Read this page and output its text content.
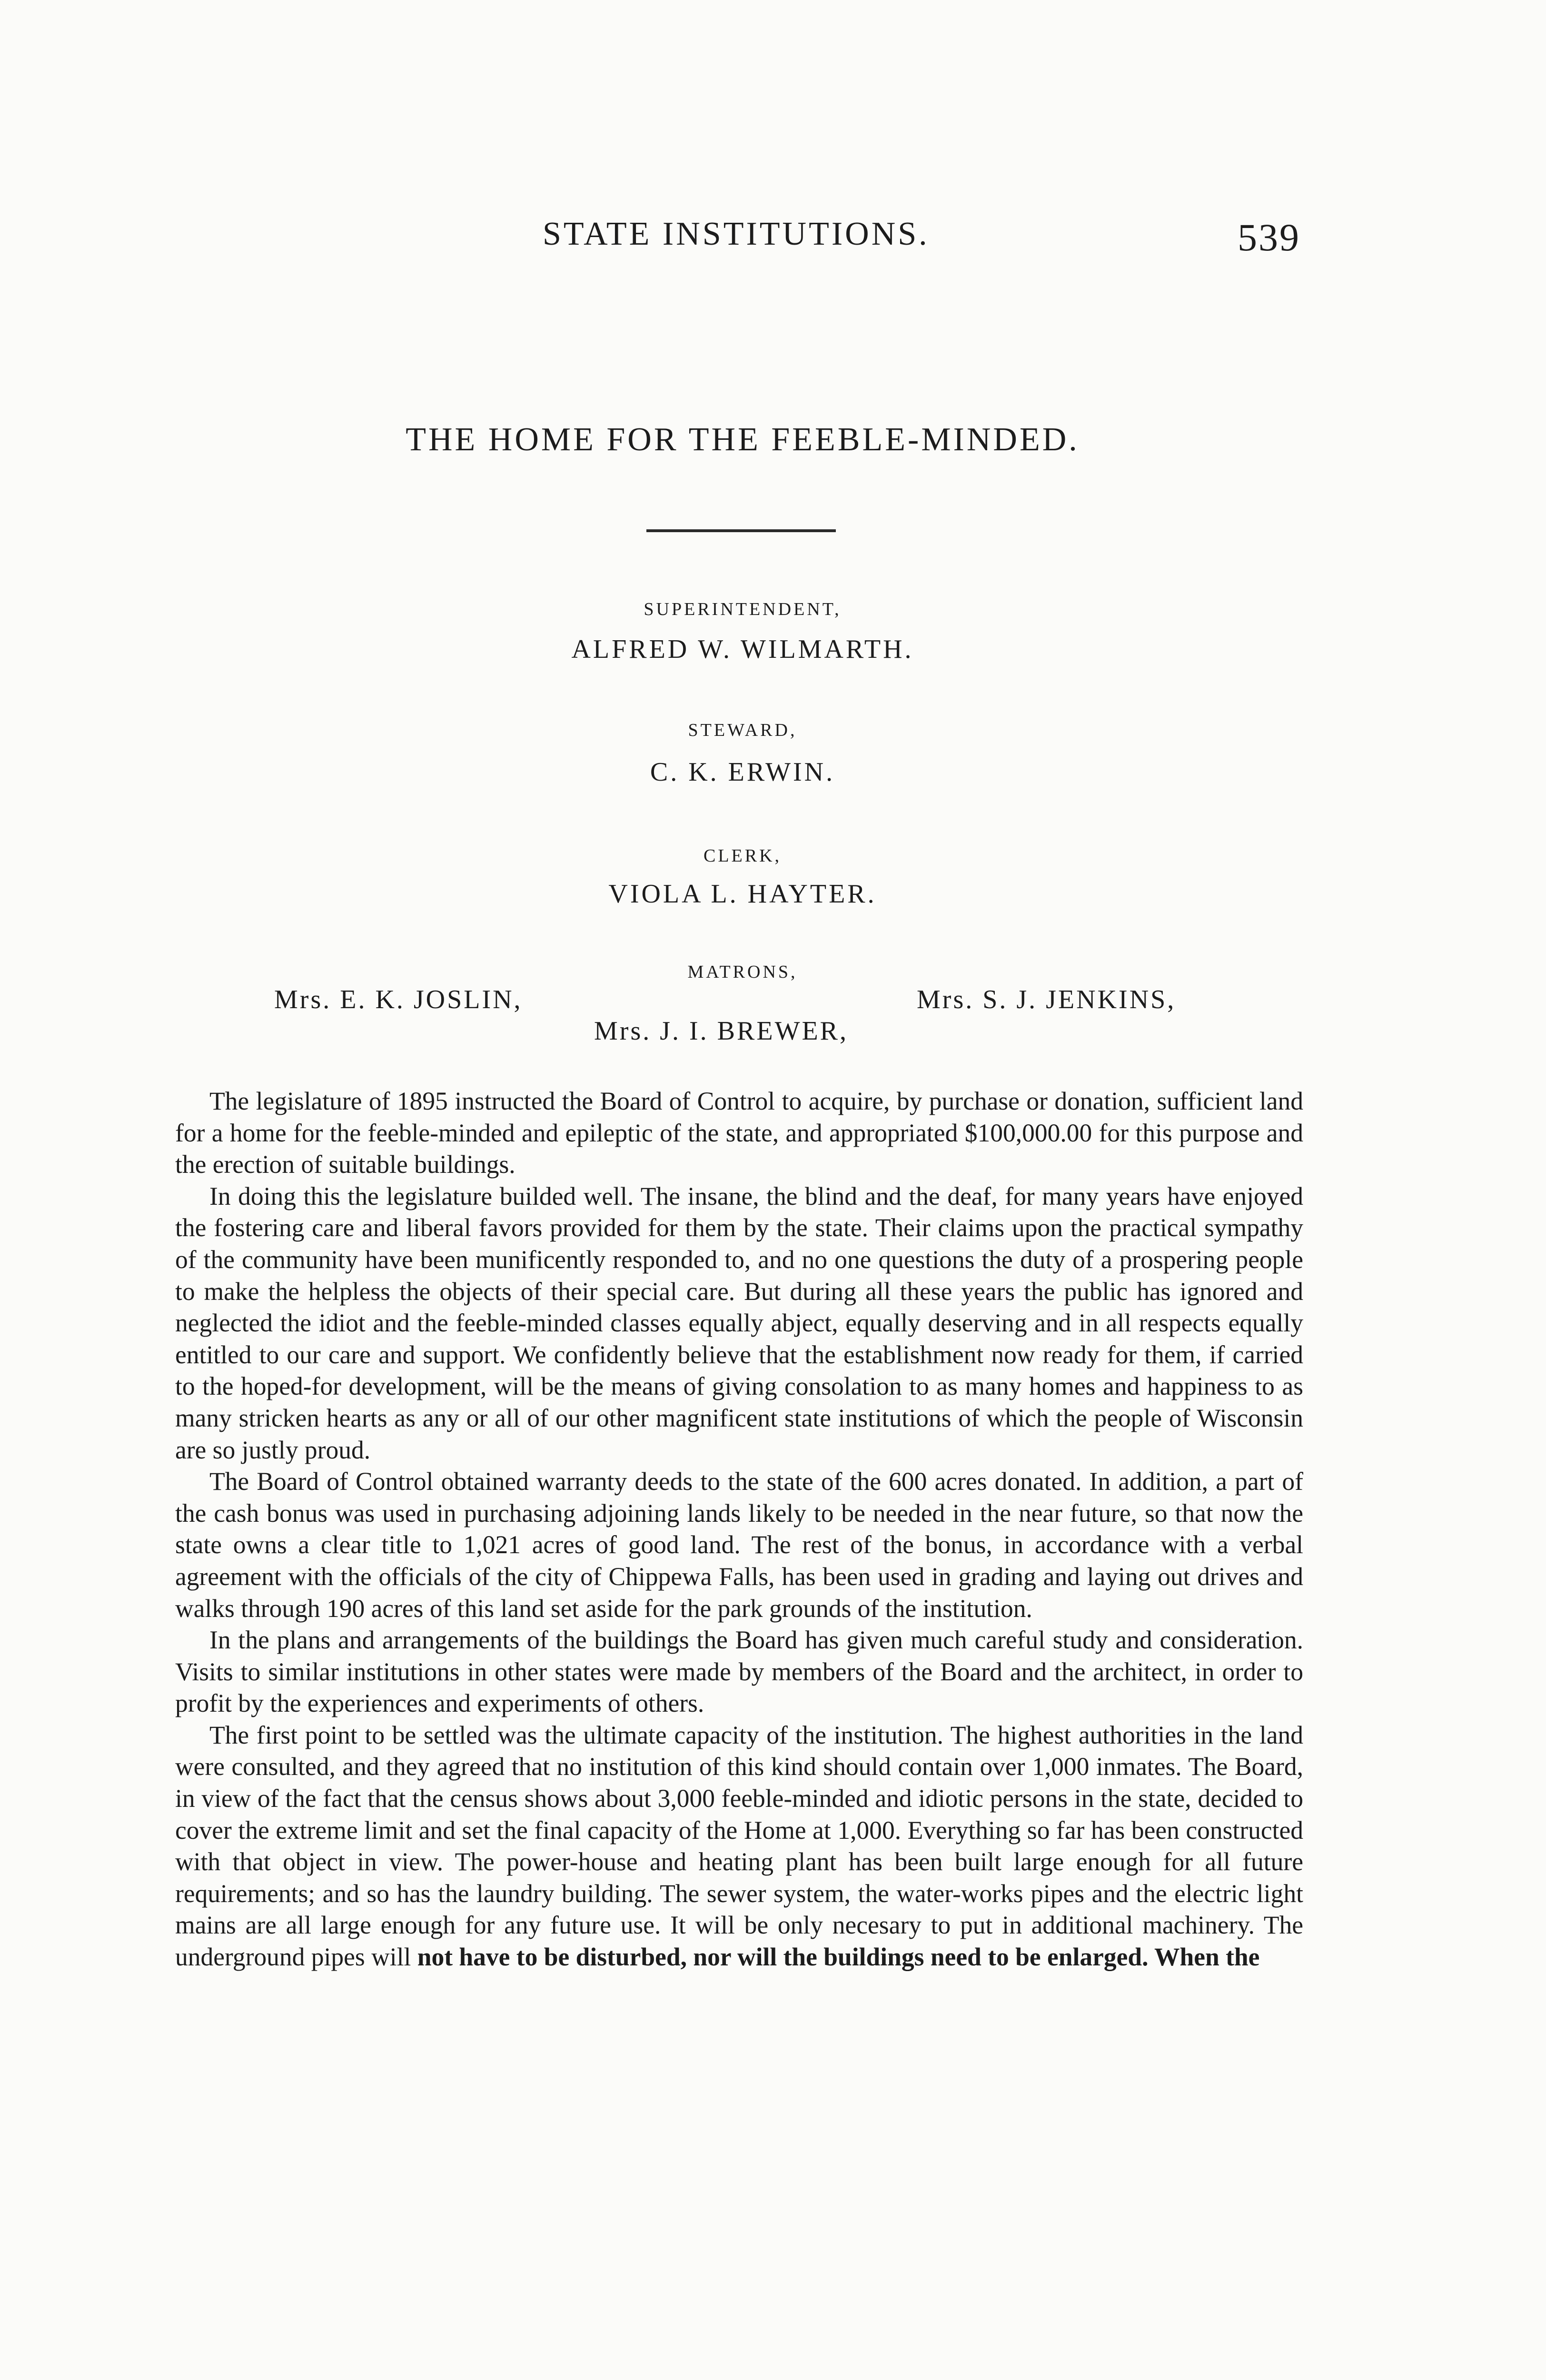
STATE INSTITUTIONS.	539
THE HOME FOR THE FEEBLE-MINDED.
SUPERINTENDENT,
ALFRED W. WILMARTH.
STEWARD,
C. K. ERWIN.
CLERK,
VIOLA L. HAYTER.
MATRONS,
Mrs. E. K. JOSLIN,	Mrs. S. J. JENKINS,
Mrs. J. I. BREWER,

The legislature of 1895 instructed the Board of Control to acquire, by purchase or donation, sufficient land for a home for the feeble-minded and epileptic of the state, and appropriated $100,000.00 for this purpose and the erection of suitable buildings.

In doing this the legislature builded well. The insane, the blind and the deaf, for many years have enjoyed the fostering care and liberal favors provided for them by the state. Their claims upon the practical sympathy of the community have been munificently responded to, and no one questions the duty of a prospering people to make the helpless the objects of their special care. But during all these years the public has ignored and neglected the idiot and the feeble-minded classes equally abject, equally deserving and in all respects equally entitled to our care and support. We confidently believe that the establishment now ready for them, if carried to the hoped-for development, will be the means of giving consolation to as many homes and happiness to as many stricken hearts as any or all of our other magnificent state institutions of which the people of Wisconsin are so justly proud.

The Board of Control obtained warranty deeds to the state of the 600 acres donated. In addition, a part of the cash bonus was used in purchasing adjoining lands likely to be needed in the near future, so that now the state owns a clear title to 1,021 acres of good land. The rest of the bonus, in accordance with a verbal agreement with the officials of the city of Chippewa Falls, has been used in grading and laying out drives and walks through 190 acres of this land set aside for the park grounds of the institution.

In the plans and arrangements of the buildings the Board has given much careful study and consideration. Visits to similar institutions in other states were made by members of the Board and the architect, in order to profit by the experiences and experiments of others.

The first point to be settled was the ultimate capacity of the institution. The highest authorities in the land were consulted, and they agreed that no institution of this kind should contain over 1,000 inmates. The Board, in view of the fact that the census shows about 3,000 feeble-minded and idiotic persons in the state, decided to cover the extreme limit and set the final capacity of the Home at 1,000. Everything so far has been constructed with that object in view. The power-house and heating plant has been built large enough for all future requirements; and so has the laundry building. The sewer system, the water-works pipes and the electric light mains are all large enough for any future use. It will be only necesary to put in additional machinery. The underground pipes will not have to be disturbed, nor will the buildings need to be enlarged. When the
